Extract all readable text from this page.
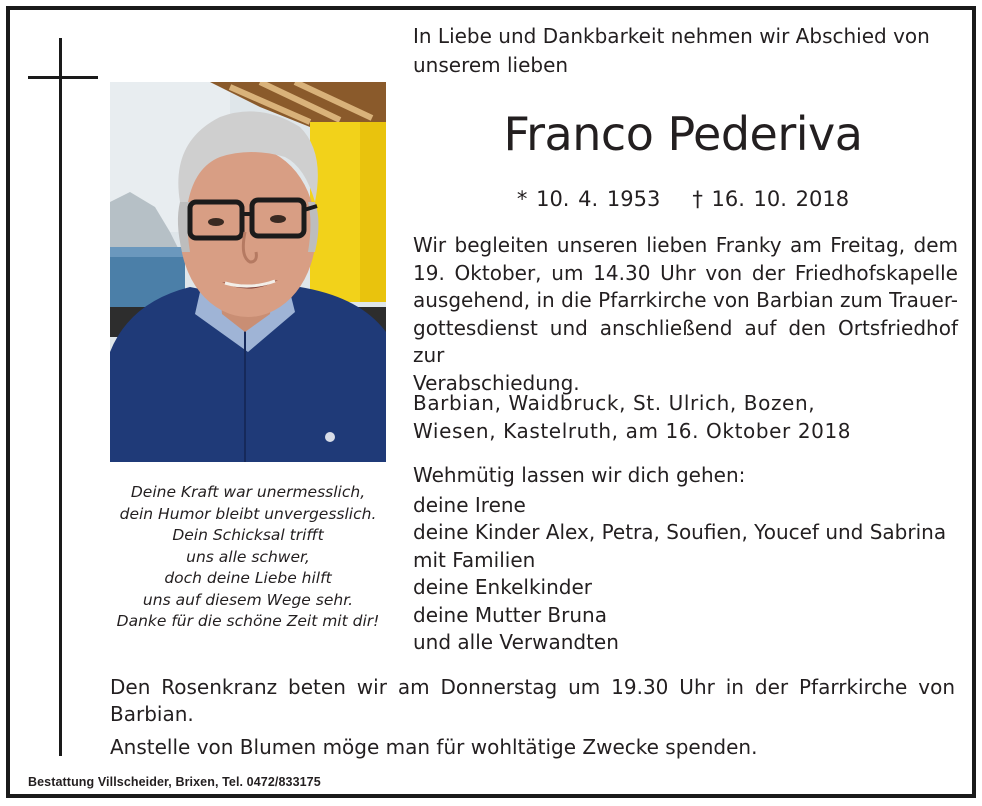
Deine Kraft war unermesslich,
dein Humor bleibt unvergesslich.
Dein Schicksal trifft
uns alle schwer,
doch deine Liebe hilft
uns auf diesem Wege sehr.
Danke für die schöne Zeit mit dir!
In Liebe und Dankbarkeit nehmen wir Abschied von
unserem lieben
Franco Pederiva
* 10. 4. 1953 † 16. 10. 2018
Wir begleiten unseren lieben Franky am Freitag, dem
19. Oktober, um 14.30 Uhr von der Friedhofskapelle
ausgehend, in die Pfarrkirche von Barbian zum Trauer-
gottesdienst und anschließend auf den Ortsfriedhof zur
Verabschiedung.
Barbian, Waidbruck, St. Ulrich, Bozen,
Wiesen, Kastelruth, am 16. Oktober 2018
Wehmütig lassen wir dich gehen:
deine Irene
deine Kinder Alex, Petra, Soufien, Youcef und Sabrina
mit Familien
deine Enkelkinder
deine Mutter Bruna
und alle Verwandten
Den Rosenkranz beten wir am Donnerstag um 19.30 Uhr in der Pfarrkirche von
Barbian.
Anstelle von Blumen möge man für wohltätige Zwecke spenden.
Bestattung Villscheider, Brixen, Tel. 0472/833175
